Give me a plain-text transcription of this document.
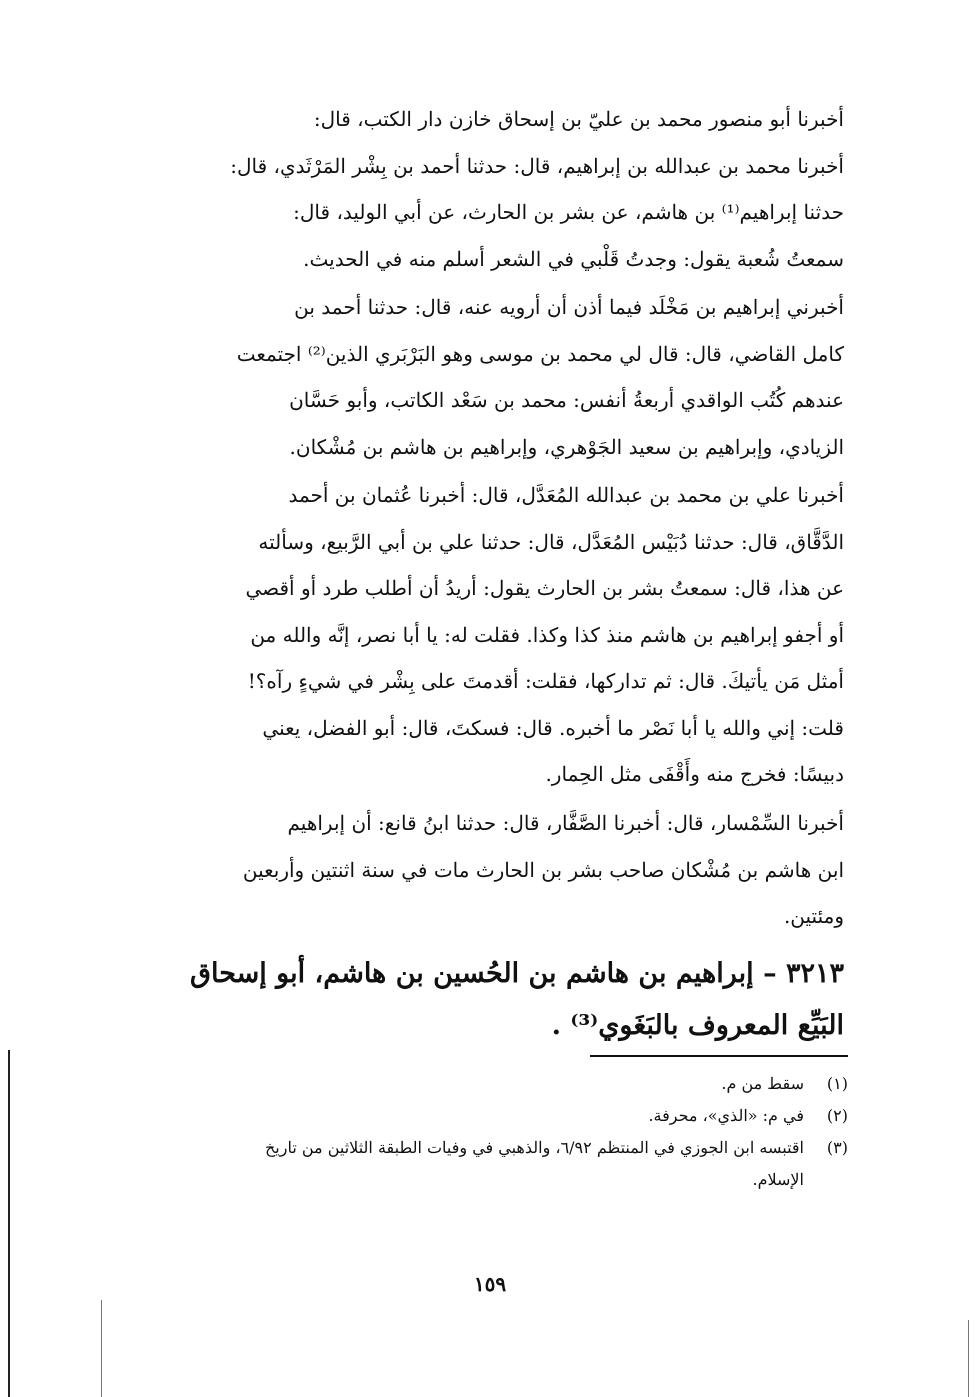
أخبرنا أبو منصور محمد بن عليّ بن إسحاق خازن دار الكتب، قال:
أخبرنا محمد بن عبدالله بن إبراهيم، قال: حدثنا أحمد بن بِشْر المَرْثَدي، قال:
حدثنا إبراهيم⁽¹⁾ بن هاشم، عن بشر بن الحارث، عن أبي الوليد، قال:
سمعتُ شُعبة يقول: وجدتُ قَلْبي في الشعر أسلم منه في الحديث.
أخبرني إبراهيم بن مَخْلَد فيما أذن أن أرويه عنه، قال: حدثنا أحمد بن
كامل القاضي، قال: قال لي محمد بن موسى وهو البَرْبَري الذين⁽²⁾ اجتمعت
عندهم كُتُب الواقدي أربعةُ أنفس: محمد بن سَعْد الكاتب، وأبو حَسَّان
الزيادي، وإبراهيم بن سعيد الجَوْهري، وإبراهيم بن هاشم بن مُشْكان.
أخبرنا علي بن محمد بن عبدالله المُعَدَّل، قال: أخبرنا عُثمان بن أحمد
الدَّقَّاق، قال: حدثنا دُبَيْس المُعَدَّل، قال: حدثنا علي بن أبي الرَّبيع، وسألته
عن هذا، قال: سمعتُ بشر بن الحارث يقول: أريدُ أن أطلب طرد أو أقصي
أو أجفو إبراهيم بن هاشم منذ كذا وكذا. فقلت له: يا أبا نصر، إنَّه والله من
أمثل مَن يأتيكَ. قال: ثم تداركها، فقلت: أقدمتَ على بِشْر في شيءٍ رآه؟!
قلت: إني والله يا أبا نَصْر ما أخبره. قال: فسكتَ، قال: أبو الفضل، يعني
دبيسًا: فخرج منه وأَقْفَى مثل الحِمار.
أخبرنا السِّمْسار، قال: أخبرنا الصَّفَّار، قال: حدثنا ابنُ قانع: أن إبراهيم
ابن هاشم بن مُشْكان صاحب بشر بن الحارث مات في سنة اثنتين وأربعين
ومئتين.
٣٢١٣ – إبراهيم بن هاشم بن الحُسين بن هاشم، أبو إسحاق
البَيِّع المعروف بالبَغَوي⁽³⁾ .
(١)
سقط من م.
(٢)
في م: «الذي»، محرفة.
(٣)
اقتبسه ابن الجوزي في المنتظم ٦/٩٢، والذهبي في وفيات الطبقة الثلاثين من تاريخ
الإسلام.
١٥٩
